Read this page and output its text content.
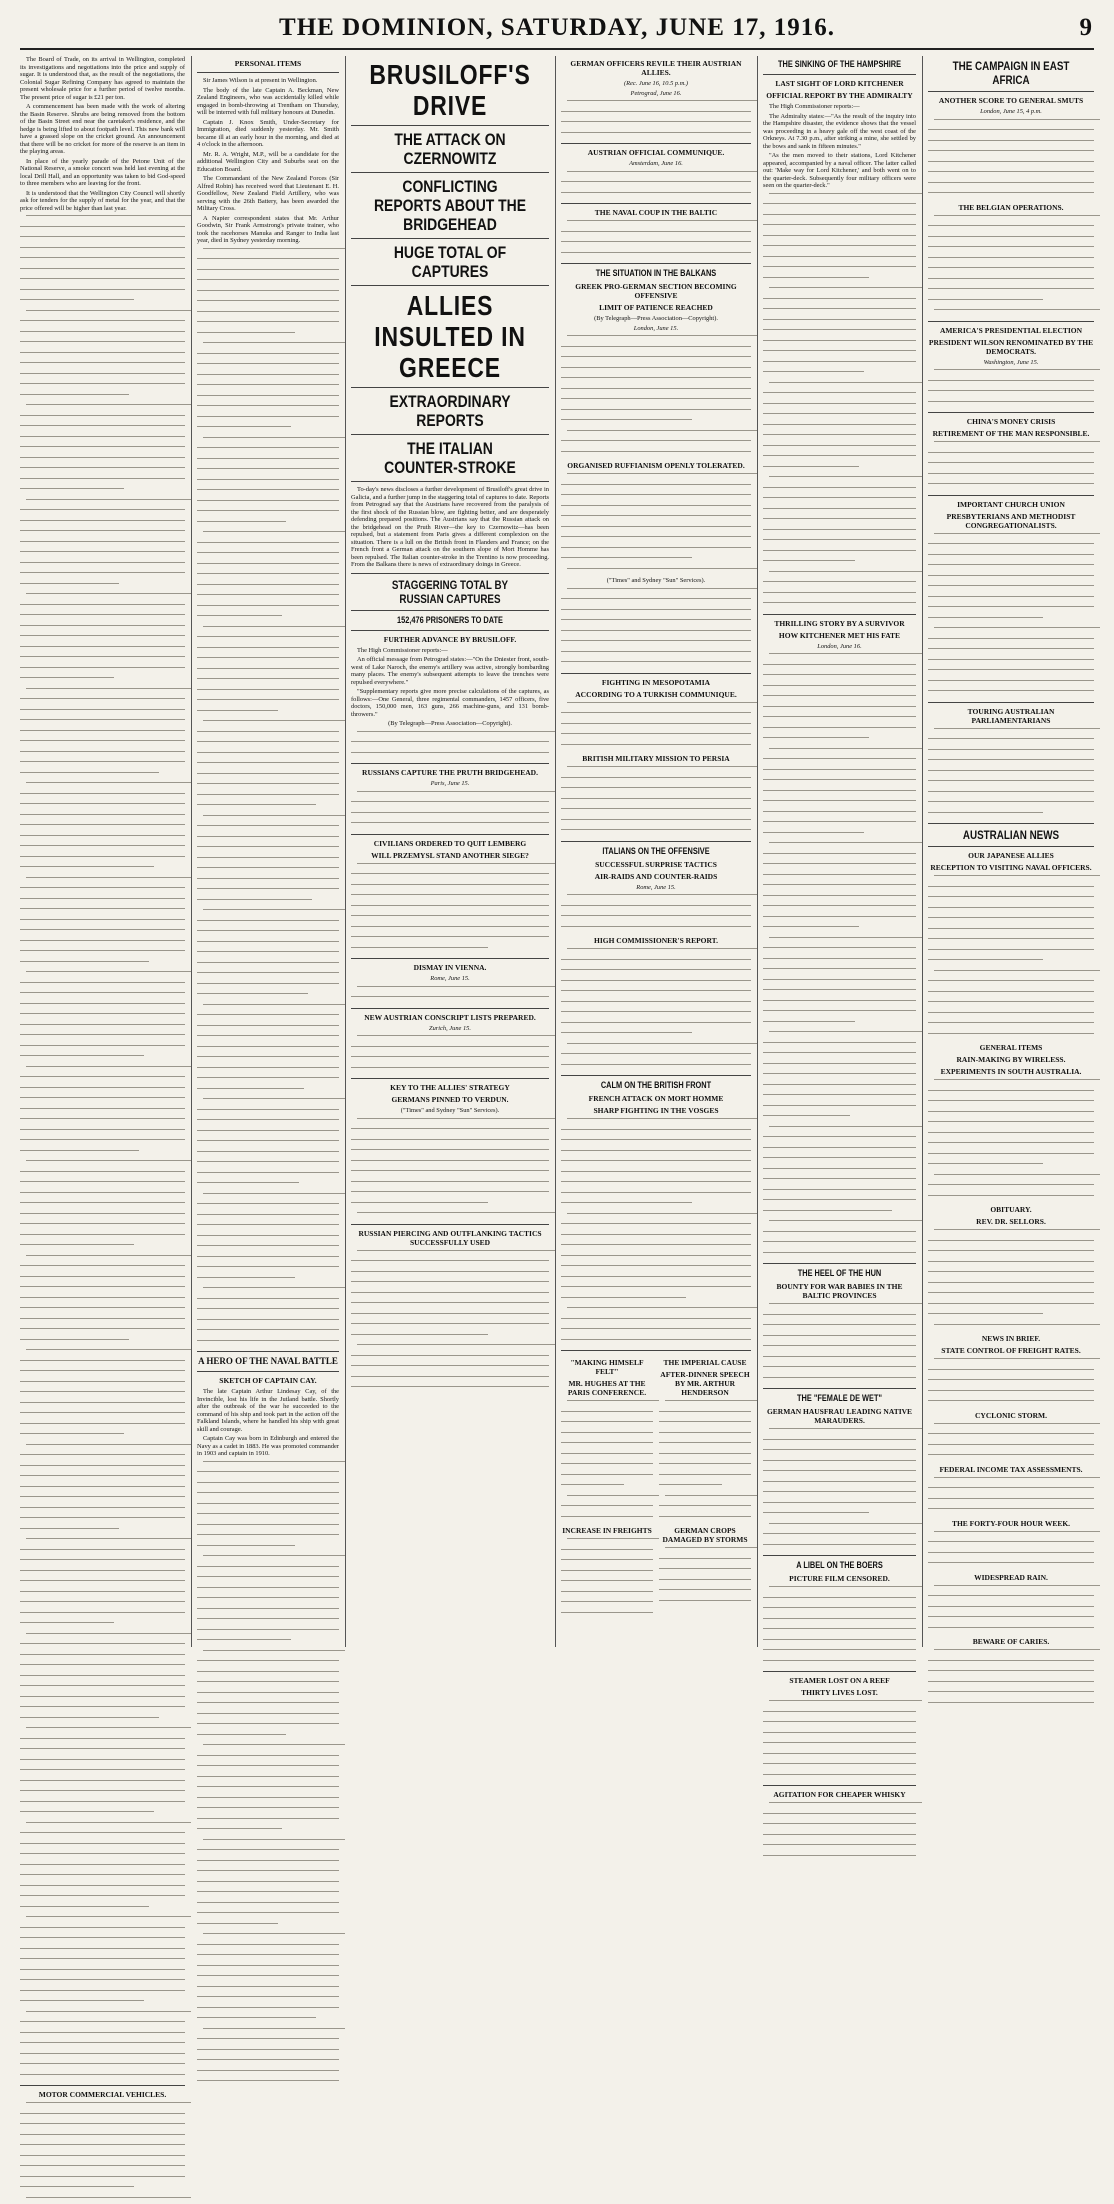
THE DOMINION, SATURDAY, JUNE 17, 1916.	9

The Board of Trade, on its arrival in Wellington, completed its investigations and negotiations into the price and supply of sugar. It is understood that, as the result of the negotiations, the Colonial Sugar Refining Company has agreed to maintain the present wholesale price for a further period of twelve months. The present price of sugar is £21 per ton.

A commencement has been made with the work of altering the Basin Reserve. Shrubs are being removed from the bottom of the Basin Street end near the caretaker's residence, and the hedge is being lifted to about footpath level. This new bank will have a grassed slope on the cricket ground. An announcement that there will be no cricket for more of the reserve is an item in the playing areas.

In place of the yearly parade of the Petone Unit of the National Reserve, a smoke concert was held last evening at the local Drill Hall, and an opportunity was taken to bid God-speed to three members who are leaving for the front.

It is understood that the Wellington City Council will shortly ask for tenders for the supply of metal for the year, and that the price offered will be higher than last year.

MOTOR COMMERCIAL VEHICLES.
PERSONAL ITEMS

Sir James Wilson is at present in Wellington.

The body of the late Captain A. Beckman, New Zealand Engineers, who was accidentally killed while engaged in bomb-throwing at Trentham on Thursday, will be interred with full military honours at Dunedin.

Captain J. Knox Smith, Under-Secretary for Immigration, died suddenly yesterday. Mr. Smith became ill at an early hour in the morning, and died at 4 o'clock in the afternoon.

Mr. R. A. Wright, M.P., will be a candidate for the additional Wellington City and Suburbs seat on the Education Board.

The Commandant of the New Zealand Forces (Sir Alfred Robin) has received word that Lieutenant E. H. Goodfellow, New Zealand Field Artillery, who was serving with the 26th Battery, has been awarded the Military Cross.

A Napier correspondent states that Mr. Arthur Goodwin, Sir Frank Armstrong's private trainer, who took the racehorses Manuka and Ranger to India last year, died in Sydney yesterday morning.

A HERO OF THE NAVAL BATTLE
SKETCH OF CAPTAIN CAY.

The late Captain Arthur Lindesay Cay, of the Invincible, lost his life in the Jutland battle. Shortly after the outbreak of the war he succeeded to the command of his ship and took part in the action off the Falkland Islands, where he handled his ship with great skill and courage.

Captain Cay was born in Edinburgh and entered the Navy as a cadet in 1883. He was promoted commander in 1903 and captain in 1910.

BRUSILOFF'S DRIVE
THE ATTACK ON CZERNOWITZ
CONFLICTING REPORTS ABOUT THE BRIDGEHEAD
HUGE TOTAL OF CAPTURES
ALLIES INSULTED IN GREECE
EXTRAORDINARY REPORTS
THE ITALIAN COUNTER-STROKE

To-day's news discloses a further development of Brusiloff's great drive in Galicia, and a further jump in the staggering total of captures to date. Reports from Petrograd say that the Austrians have recovered from the paralysis of the first shock of the Russian blow, are fighting better, and are desperately defending prepared positions. The Austrians say that the Russian attack on the bridgehead on the Pruth River—the key to Czernowitz—has been repulsed, but a statement from Paris gives a different complexion on the situation. There is a lull on the British front in Flanders and France; on the French front a German attack on the southern slope of Mort Homme has been repulsed. The Italian counter-stroke in the Trentino is now proceeding. From the Balkans there is news of extraordinary doings in Greece.

STAGGERING TOTAL BY RUSSIAN CAPTURES
152,476 PRISONERS TO DATE
FURTHER ADVANCE BY BRUSILOFF.

The High Commissioner reports:—

An official message from Petrograd states:—"On the Dniester front, south-west of Lake Naroch, the enemy's artillery was active, strongly bombarding many places. The enemy's subsequent attempts to leave the trenches were repulsed everywhere."

"Supplementary reports give more precise calculations of the captures, as follows:—One General, three regimental commanders, 1457 officers, five doctors, 150,000 men, 163 guns, 266 machine-guns, and 131 bomb-throwers."

(By Telegraph—Press Association—Copyright).
RUSSIANS CAPTURE THE PRUTH BRIDGEHEAD.
Paris, June 15.
CIVILIANS ORDERED TO QUIT LEMBERG
WILL PRZEMYSL STAND ANOTHER SIEGE?
DISMAY IN VIENNA.
Rome, June 15.
NEW AUSTRIAN CONSCRIPT LISTS PREPARED.
Zurich, June 15.
KEY TO THE ALLIES' STRATEGY
GERMANS PINNED TO VERDUN.
("Times" and Sydney "Sun" Services).
RUSSIAN PIERCING AND OUTFLANKING TACTICS SUCCESSFULLY USED
GERMAN OFFICERS REVILE THEIR AUSTRIAN ALLIES.
(Rec. June 16, 10.5 p.m.)
Petrograd, June 16.
AUSTRIAN OFFICIAL COMMUNIQUE.
Amsterdam, June 16.
THE NAVAL COUP IN THE BALTIC
THE SITUATION IN THE BALKANS
GREEK PRO-GERMAN SECTION BECOMING OFFENSIVE
LIMIT OF PATIENCE REACHED
(By Telegraph—Press Association—Copyright).
London, June 15.
ORGANISED RUFFIANISM OPENLY TOLERATED.
("Times" and Sydney "Sun" Services).
FIGHTING IN MESOPOTAMIA
ACCORDING TO A TURKISH COMMUNIQUE.
BRITISH MILITARY MISSION TO PERSIA
ITALIANS ON THE OFFENSIVE
SUCCESSFUL SURPRISE TACTICS
AIR-RAIDS AND COUNTER-RAIDS
Rome, June 15.
HIGH COMMISSIONER'S REPORT.
CALM ON THE BRITISH FRONT
FRENCH ATTACK ON MORT HOMME
SHARP FIGHTING IN THE VOSGES
"MAKING HIMSELF FELT"
MR. HUGHES AT THE PARIS CONFERENCE.
INCREASE IN FREIGHTS
THE IMPERIAL CAUSE
AFTER-DINNER SPEECH BY MR. ARTHUR HENDERSON
GERMAN CROPS DAMAGED BY STORMS
THE SINKING OF THE HAMPSHIRE
LAST SIGHT OF LORD KITCHENER
OFFICIAL REPORT BY THE ADMIRALTY

The High Commissioner reports:—

The Admiralty states:—"As the result of the inquiry into the Hampshire disaster, the evidence shows that the vessel was proceeding in a heavy gale off the west coast of the Orkneys. At 7.30 p.m., after striking a mine, she settled by the bows and sank in fifteen minutes."

"As the men moved to their stations, Lord Kitchener appeared, accompanied by a naval officer. The latter called out: 'Make way for Lord Kitchener,' and both went on to the quarter-deck. Subsequently four military officers were seen on the quarter-deck."

THRILLING STORY BY A SURVIVOR
HOW KITCHENER MET HIS FATE
London, June 16.
THE HEEL OF THE HUN
BOUNTY FOR WAR BABIES IN THE BALTIC PROVINCES
THE "FEMALE DE WET"
GERMAN HAUSFRAU LEADING NATIVE MARAUDERS.
A LIBEL ON THE BOERS
PICTURE FILM CENSORED.
STEAMER LOST ON A REEF
THIRTY LIVES LOST.
AGITATION FOR CHEAPER WHISKY
THE CAMPAIGN IN EAST AFRICA
ANOTHER SCORE TO GENERAL SMUTS
London, June 15, 4 p.m.
THE BELGIAN OPERATIONS.
AMERICA'S PRESIDENTIAL ELECTION
PRESIDENT WILSON RENOMINATED BY THE DEMOCRATS.
Washington, June 15.
CHINA'S MONEY CRISIS
RETIREMENT OF THE MAN RESPONSIBLE.
IMPORTANT CHURCH UNION
PRESBYTERIANS AND METHODIST CONGREGATIONALISTS.
TOURING AUSTRALIAN PARLIAMENTARIANS
AUSTRALIAN NEWS
OUR JAPANESE ALLIES
RECEPTION TO VISITING NAVAL OFFICERS.
GENERAL ITEMS
RAIN-MAKING BY WIRELESS.
EXPERIMENTS IN SOUTH AUSTRALIA.
OBITUARY.
REV. DR. SELLORS.
NEWS IN BRIEF.
STATE CONTROL OF FREIGHT RATES.
CYCLONIC STORM.
FEDERAL INCOME TAX ASSESSMENTS.
THE FORTY-FOUR HOUR WEEK.
WIDESPREAD RAIN.
BEWARE OF CARIES.
